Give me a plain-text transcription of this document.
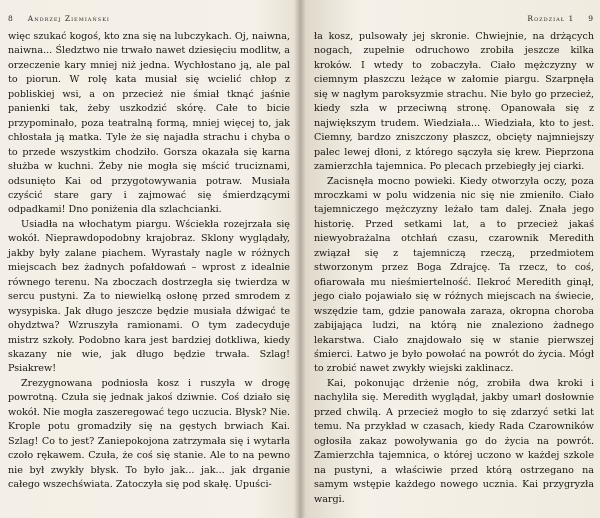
8 Andrzej Ziemiański

więc szukać kogoś, kto zna się na lubczykach. Oj, naiwna, naiwna... Śledztwo nie trwało nawet dziesięciu modlitw, a orzeczenie kary mniej niż jedna. Wychłostano ją, ale pal to piorun. W rolę kata musiał się wcielić chłop z pobliskiej wsi, a on przecież nie śmiał tknąć jaśnie panienki tak, żeby uszkodzić skórę. Całe to bicie przypominało, poza teatralną formą, mniej więcej to, jak chłostała ją matka. Tyle że się najadła strachu i chyba o to przede wszystkim chodziło. Gorsza okazała się karna służba w kuchni. Żeby nie mogła się mścić truciznami, odsunięto Kai od przygotowywania potraw. Musiała czyścić stare gary i zajmować się śmierdzącymi odpadkami! Dno poniżenia dla szlachcianki.

Usiadła na włochatym piargu. Wściekła rozejrzała się wokół. Nieprawdopodobny krajobraz. Sklony wyglądały, jakby były zalane piachem. Wyrastały nagle w różnych miejscach bez żadnych pofałdowań – wprost z idealnie równego terenu. Na zboczach dostrzegła się twierdza w sercu pustyni. Za to niewielką osłonę przed smrodem z wysypiska. Jak długo jeszcze będzie musiała dźwigać te ohydztwa? Wzruszyła ramionami. O tym zadecyduje mistrz szkoły. Podobno kara jest bardziej dotkliwa, kiedy skazany nie wie, jak długo będzie trwała. Szlag! Psiakrew!

Zrezygnowana podniosła kosz i ruszyła w drogę powrotną. Czuła się jednak jakoś dziwnie. Coś działo się wokół. Nie mogła zaszeregować tego uczucia. Błysk? Nie. Krople potu gromadziły się na gęstych brwiach Kai. Szlag! Co to jest? Zaniepokojona zatrzymała się i wytarła czoło rękawem. Czuła, że coś się stanie. Ale to na pewno nie był zwykły błysk. To było jak... jak... jak drganie całego wszechświata. Zatoczyła się pod skałę. Upuści-

Rozdział 1 9

ła kosz, pulsowały jej skronie. Chwiejnie, na drżących nogach, zupełnie odruchowo zrobiła jeszcze kilka kroków. I wtedy to zobaczyła. Ciało mężczyzny w ciemnym płaszczu leżące w załomie piargu. Szarpnęła się w nagłym paroksyzmie strachu. Nie było go przecież, kiedy szła w przeciwną stronę. Opanowała się z największym trudem. Wiedziała... Wiedziała, kto to jest. Ciemny, bardzo zniszczony płaszcz, obcięty najmniejszy palec lewej dłoni, z którego sączyła się krew. Pieprzona zamierzchła tajemnica. Po plecach przebiegły jej ciarki.

Zacisnęła mocno powieki. Kiedy otworzyła oczy, poza mroczkami w polu widzenia nic się nie zmieniło. Ciało tajemniczego mężczyzny leżało tam dalej. Znała jego historię. Przed setkami lat, a to przecież jakaś niewyobrażalna otchłań czasu, czarownik Meredith związał się z tajemniczą rzeczą, przedmiotem stworzonym przez Boga Zdrajcę. Ta rzecz, to coś, ofiarowała mu nieśmiertelność. Ilekroć Meredith ginął, jego ciało pojawiało się w różnych miejscach na świecie, wszędzie tam, gdzie panowała zaraza, okropna choroba zabijająca ludzi, na którą nie znaleziono żadnego lekarstwa. Ciało znajdowało się w stanie pierwszej śmierci. Łatwo je było powołać na powrót do życia. Mógł to zrobić nawet zwykły wiejski zaklinacz.

Kai, pokonując drżenie nóg, zrobiła dwa kroki i nachyliła się. Meredith wyglądał, jakby umarł dosłownie przed chwilą. A przecież mogło to się zdarzyć setki lat temu. Na przykład w czasach, kiedy Rada Czarowników ogłosiła zakaz powoływania go do życia na powrót. Zamierzchła tajemnica, o której uczono w każdej szkole na pustyni, a właściwie przed którą ostrzegano na samym wstępie każdego nowego ucznia. Kai przygryzła wargi.
